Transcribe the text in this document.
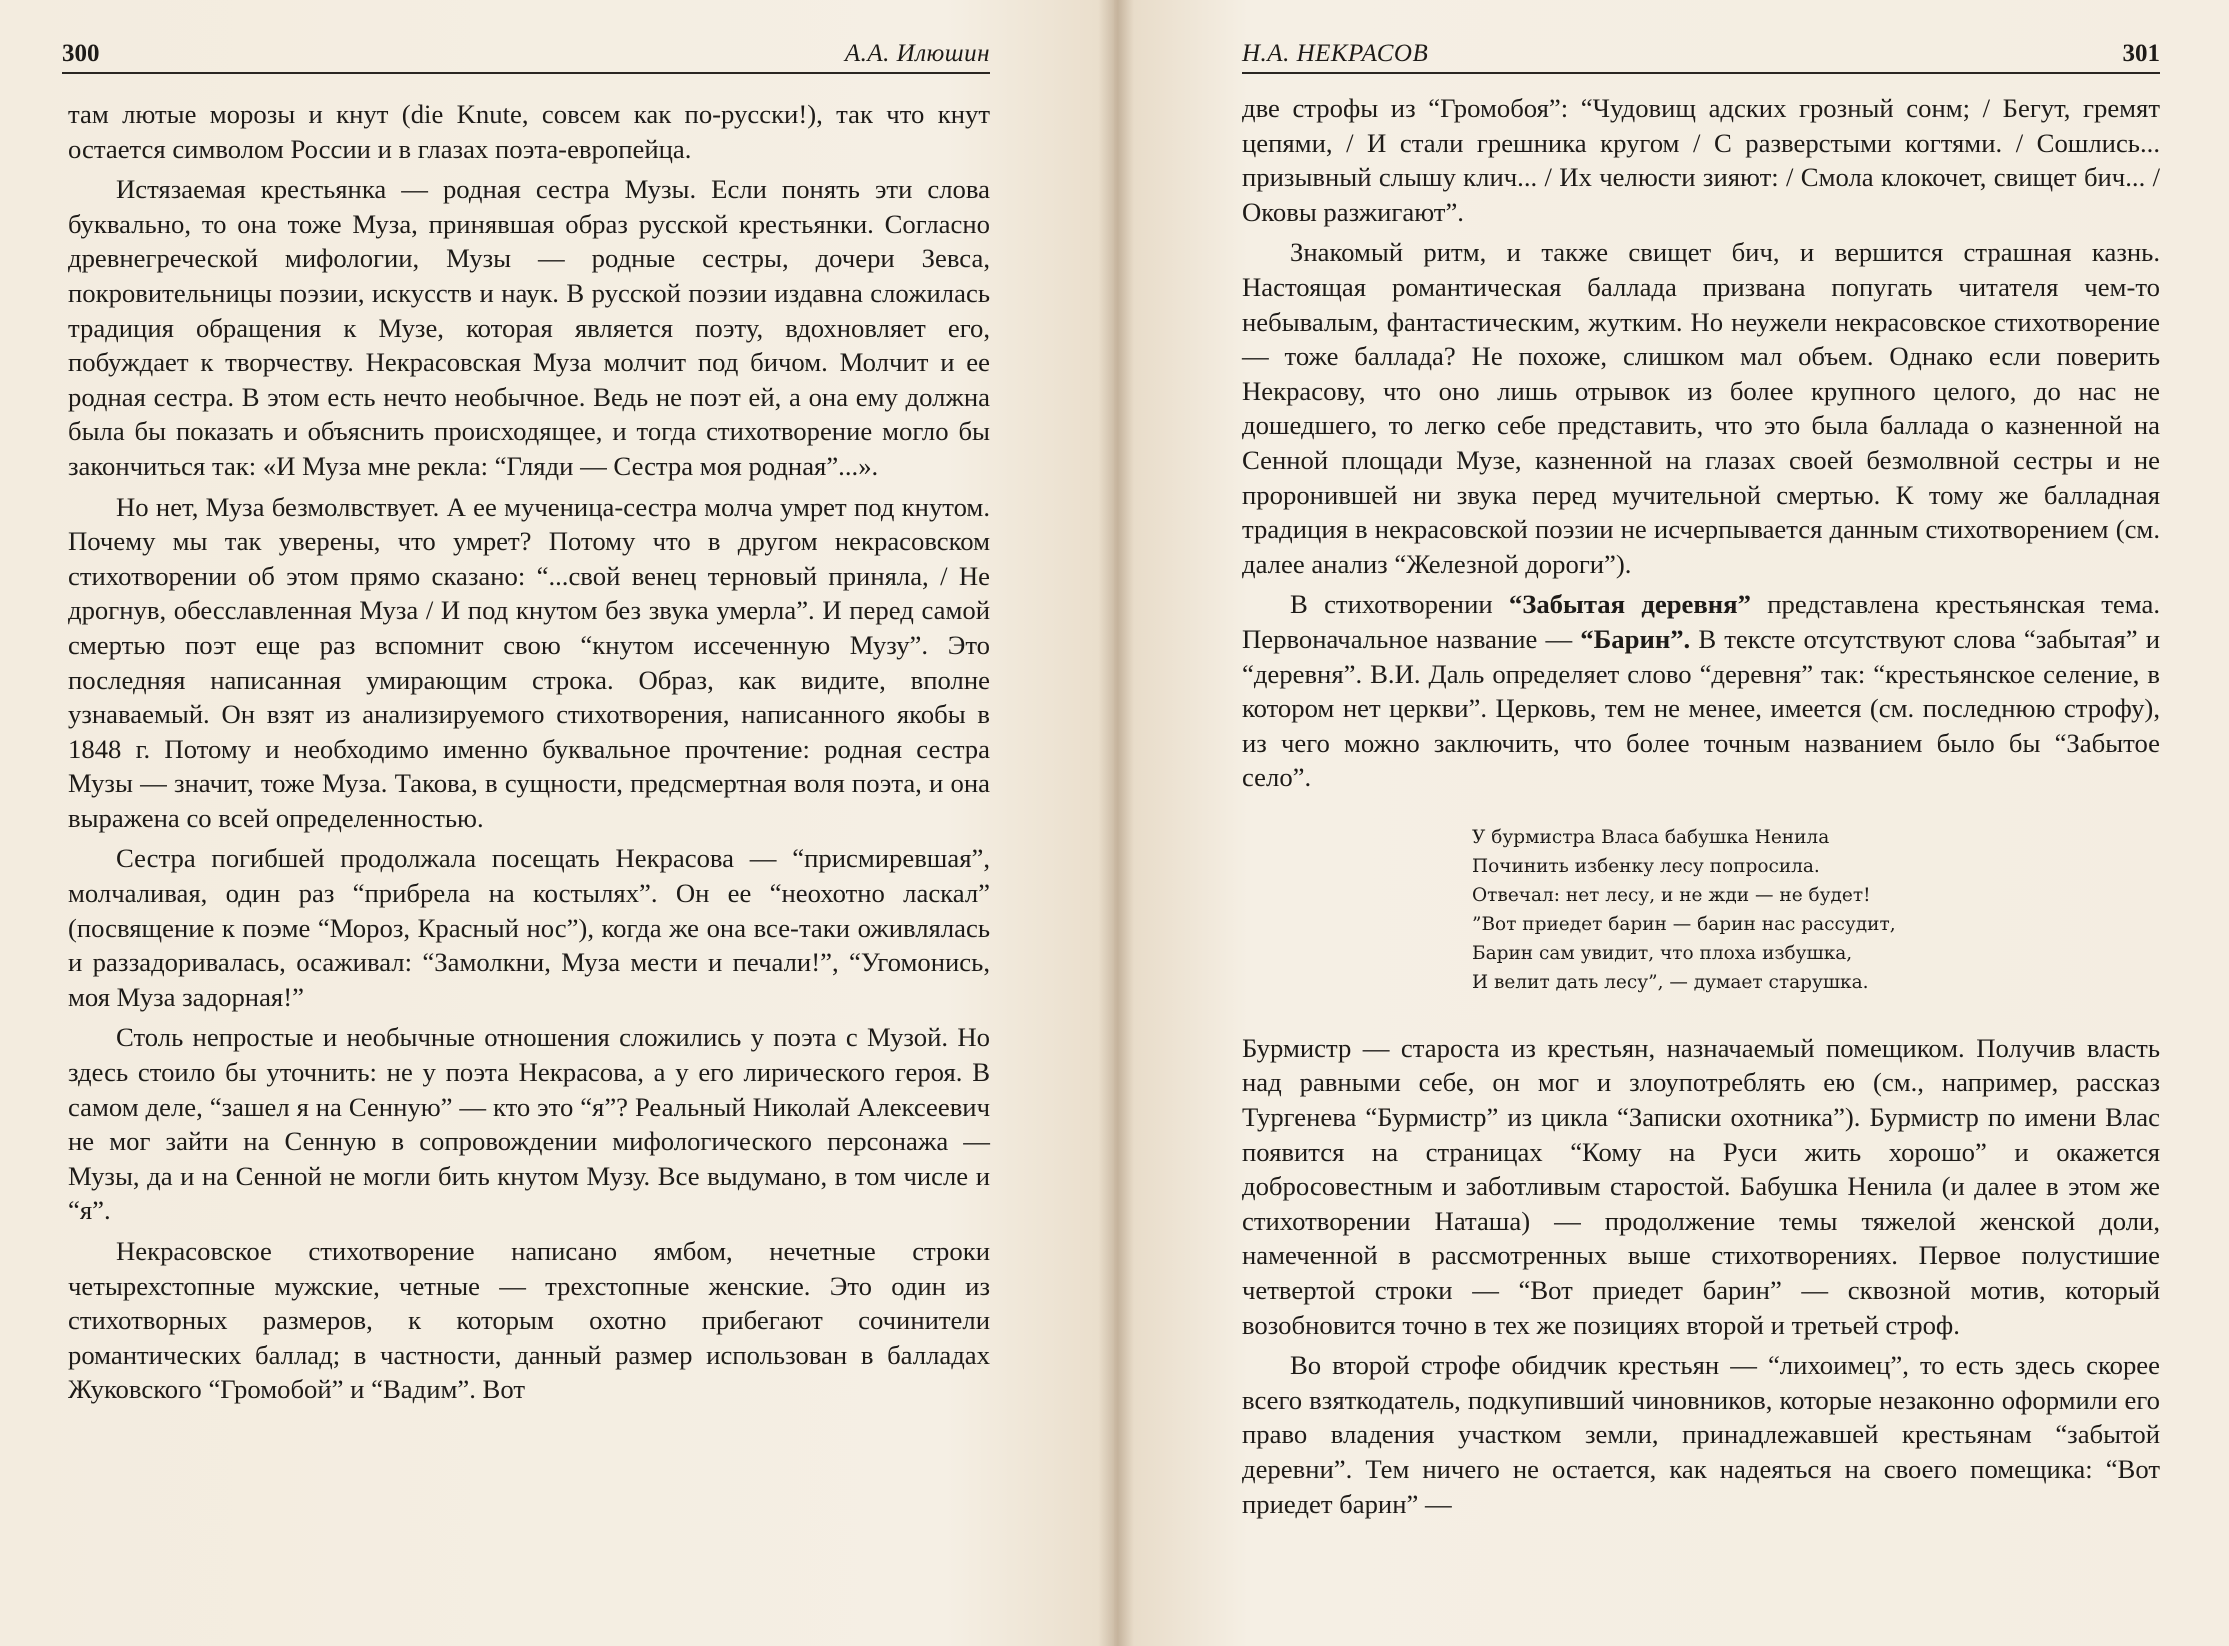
300	А.А. Илюшин

там лютые морозы и кнут (die Knute, совсем как по-русски!), так что кнут остается символом России и в глазах поэта-европейца.

Истязаемая крестьянка — родная сестра Музы. Если понять эти слова буквально, то она тоже Муза, принявшая образ русской крестьянки. Согласно древнегреческой мифологии, Музы — родные сестры, дочери Зевса, покровительницы поэзии, искусств и наук. В русской поэзии издавна сложилась традиция обращения к Музе, которая является поэту, вдохновляет его, побуждает к творчеству. Некрасовская Муза молчит под бичом. Молчит и ее родная сестра. В этом есть нечто необычное. Ведь не поэт ей, а она ему должна была бы показать и объяснить происходящее, и тогда стихотворение могло бы закончиться так: «И Муза мне рекла: “Гляди — Сестра моя родная”...».

Но нет, Муза безмолвствует. А ее мученица-сестра молча умрет под кнутом. Почему мы так уверены, что умрет? Потому что в другом некрасовском стихотворении об этом прямо сказано: “...свой венец терновый приняла, / Не дрогнув, обесславленная Муза / И под кнутом без звука умерла”. И перед самой смертью поэт еще раз вспомнит свою “кнутом иссеченную Музу”. Это последняя написанная умирающим строка. Образ, как видите, вполне узнаваемый. Он взят из анализируемого стихотворения, написанного якобы в 1848 г. Потому и необходимо именно буквальное прочтение: родная сестра Музы — значит, тоже Муза. Такова, в сущности, предсмертная воля поэта, и она выражена со всей определенностью.

Сестра погибшей продолжала посещать Некрасова — “присмиревшая”, молчаливая, один раз “прибрела на костылях”. Он ее “неохотно ласкал” (посвящение к поэме “Мороз, Красный нос”), когда же она все-таки оживлялась и раззадоривалась, осаживал: “Замолкни, Муза мести и печали!”, “Угомонись, моя Муза задорная!”

Столь непростые и необычные отношения сложились у поэта с Музой. Но здесь стоило бы уточнить: не у поэта Некрасова, а у его лирического героя. В самом деле, “зашел я на Сенную” — кто это “я”? Реальный Николай Алексеевич не мог зайти на Сенную в сопровождении мифологического персонажа — Музы, да и на Сенной не могли бить кнутом Музу. Все выдумано, в том числе и “я”.

Некрасовское стихотворение написано ямбом, нечетные строки четырехстопные мужские, четные — трехстопные женские. Это один из стихотворных размеров, к которым охотно прибегают сочинители романтических баллад; в частности, данный размер использован в балладах Жуковского “Громобой” и “Вадим”. Вот

Н.А. НЕКРАСОВ	301

две строфы из “Громобоя”: “Чудовищ адских грозный сонм; / Бегут, гремят цепями, / И стали грешника кругом / С разверстыми когтями. / Сошлись... призывный слышу клич... / Их челюсти зияют: / Смола клокочет, свищет бич... / Оковы разжигают”.

Знакомый ритм, и также свищет бич, и вершится страшная казнь. Настоящая романтическая баллада призвана попугать читателя чем-то небывалым, фантастическим, жутким. Но неужели некрасовское стихотворение — тоже баллада? Не похоже, слишком мал объем. Однако если поверить Некрасову, что оно лишь отрывок из более крупного целого, до нас не дошедшего, то легко себе представить, что это была баллада о казненной на Сенной площади Музе, казненной на глазах своей безмолвной сестры и не проронившей ни звука перед мучительной смертью. К тому же балладная традиция в некрасовской поэзии не исчерпывается данным стихотворением (см. далее анализ “Железной дороги”).

В стихотворении “Забытая деревня” представлена крестьянская тема. Первоначальное название — “Барин”. В тексте отсутствуют слова “забытая” и “деревня”. В.И. Даль определяет слово “деревня” так: “крестьянское селение, в котором нет церкви”. Церковь, тем не менее, имеется (см. последнюю строфу), из чего можно заключить, что более точным названием было бы “Забытое село”.

У бурмистра Власа бабушка Ненила
Починить избенку лесу попросила.
Отвечал: нет лесу, и не жди — не будет!
”Вот приедет барин — барин нас рассудит,
Барин сам увидит, что плоха избушка,
И велит дать лесу”, — думает старушка.

Бурмистр — староста из крестьян, назначаемый помещиком. Получив власть над равными себе, он мог и злоупотреблять ею (см., например, рассказ Тургенева “Бурмистр” из цикла “Записки охотника”). Бурмистр по имени Влас появится на страницах “Кому на Руси жить хорошо” и окажется добросовестным и заботливым старостой. Бабушка Ненила (и далее в этом же стихотворении Наташа) — продолжение темы тяжелой женской доли, намеченной в рассмотренных выше стихотворениях. Первое полустишие четвертой строки — “Вот приедет барин” — сквозной мотив, который возобновится точно в тех же позициях второй и третьей строф.

Во второй строфе обидчик крестьян — “лихоимец”, то есть здесь скорее всего взяткодатель, подкупивший чиновников, которые незаконно оформили его право владения участком земли, принадлежавшей крестьянам “забытой деревни”. Тем ничего не остается, как надеяться на своего помещика: “Вот приедет барин” —
